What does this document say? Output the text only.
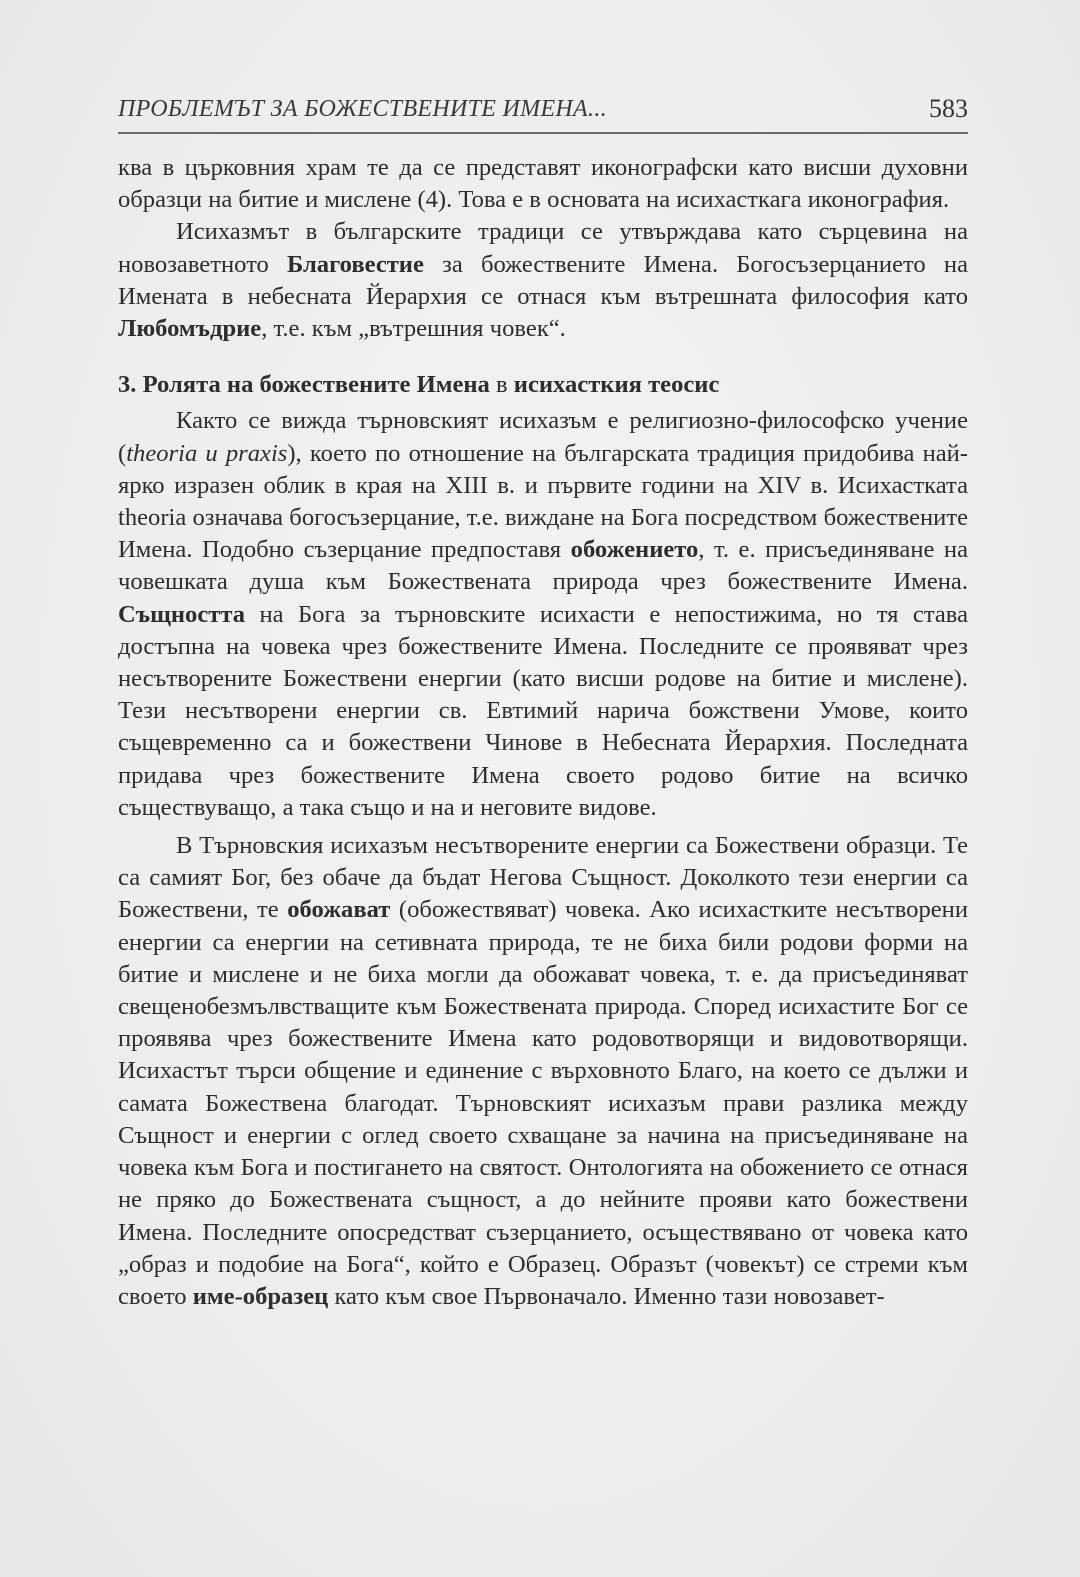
ПРОБЛЕМЪТ ЗА БОЖЕСТВЕНИТЕ ИМЕНА...	583

ква в църковния храм те да се представят иконографски като висши духовни образци на битие и мислене (4). Това е в основата на исихасткага иконография.

Исихазмът в българските традици се утвърждава като сърцевина на новозаветното Благовестие за божествените Имена. Богосъзерцанието на Имената в небесната Йерархия се отнася към вътрешната философия като Любомъдрие, т.е. към „вътрешния човек“.

3. Ролята на божествените Имена в исихасткия теосис

Както се вижда търновският исихазъм е религиозно-философско учение (theoria u praxis), което по отношение на българската традиция придобива най-ярко изразен облик в края на XIII в. и първите години на XIV в. Исихастката theoria означава богосъзерцание, т.е. виждане на Бога посредством божествените Имена. Подобно съзерцание предпоставя обожението, т. е. присъединяване на човешката душа към Божествената природа чрез божествените Имена. Същността на Бога за търновските исихасти е непостижима, но тя става достъпна на човека чрез божествените Имена. Последните се проявяват чрез несътворените Божествени енергии (като висши родове на битие и мислене). Тези несътворени енергии св. Евтимий нарича божствени Умове, които същевременно са и божествени Чинове в Небесната Йерархия. Последната придава чрез божествените Имена своето родово битие на всичко съществуващо, а така също и на и неговите видове.

В Търновския исихазъм несътворените енергии са Божествени образци. Те са самият Бог, без обаче да бъдат Негова Същност. Доколкото тези енергии са Божествени, те обожават (обожествяват) човека. Ако исихастките несътворени енергии са енергии на сетивната природа, те не биха били родови форми на битие и мислене и не биха могли да обожават човека, т. е. да присъединяват свещенобезмълвстващите към Божествената природа. Според исихастите Бог се проявява чрез божествените Имена като родовотворящи и видовотворящи. Исихастът търси общение и единение с върховното Благо, на което се дължи и самата Божествена благодат. Търновският исихазъм прави разлика между Същност и енергии с оглед своето схващане за начина на присъединяване на човека към Бога и постигането на святост. Онтологията на обожението се отнася не пряко до Божествената същност, а до нейните прояви като божествени Имена. Последните опосредстват съзерцанието, осъществявано от човека като „образ и подобие на Бога“, който е Образец. Образът (човекът) се стреми към своето име-образец като към свое Първоначало. Именно тази новозавет-
